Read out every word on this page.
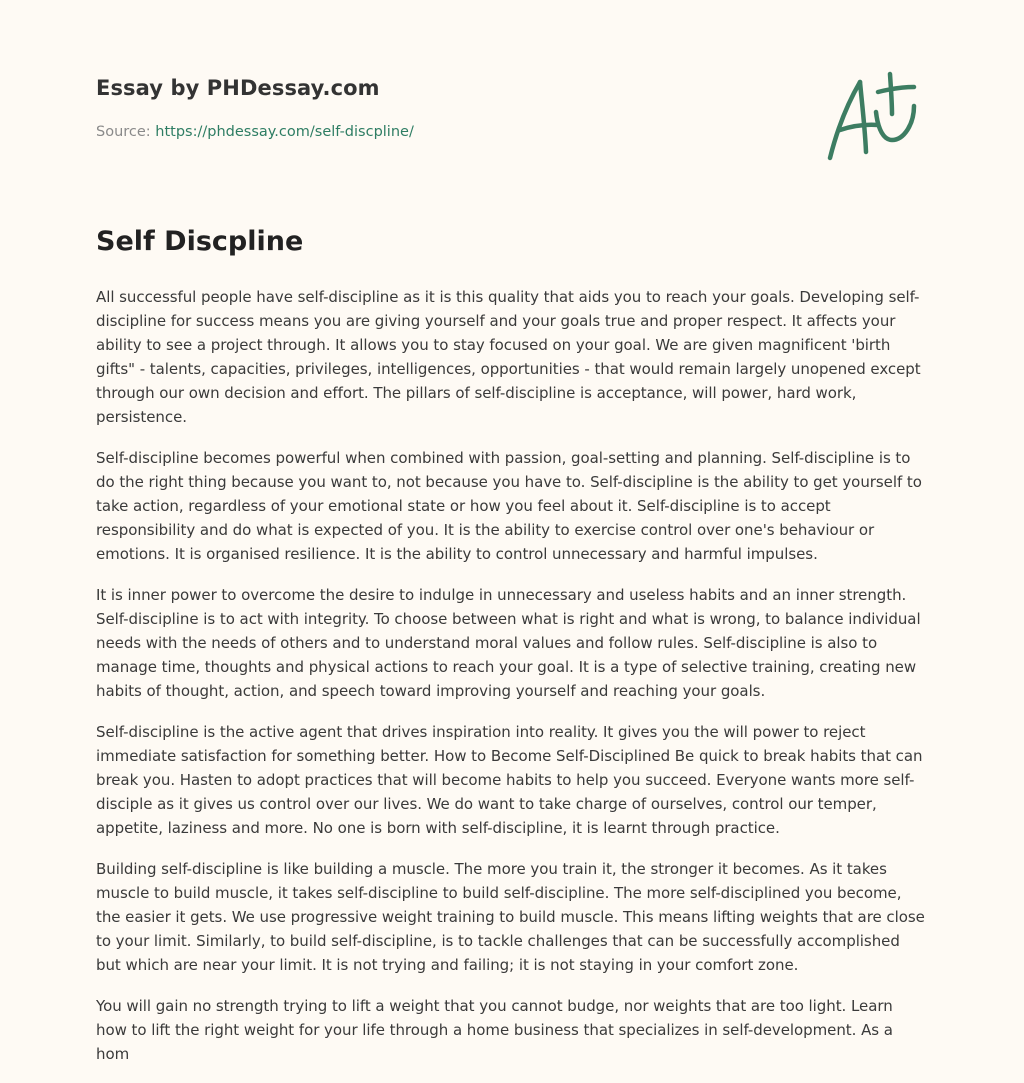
Essay by PHDessay.com

Source: https://phdessay.com/self-discpline/

Self Discpline

All successful people have self-discipline as it is this quality that aids you to reach your goals. Developing self-discipline for success means you are giving yourself and your goals true and proper respect. It affects your ability to see a project through. It allows you to stay focused on your goal. We are given magnificent 'birth gifts" - talents, capacities, privileges, intelligences, opportunities - that would remain largely unopened except through our own decision and effort. The pillars of self-discipline is acceptance, will power, hard work, persistence.

Self-discipline becomes powerful when combined with passion, goal-setting and planning. Self-discipline is to do the right thing because you want to, not because you have to. Self-discipline is the ability to get yourself to take action, regardless of your emotional state or how you feel about it. Self-discipline is to accept responsibility and do what is expected of you. It is the ability to exercise control over one's behaviour or emotions. It is organised resilience. It is the ability to control unnecessary and harmful impulses.

It is inner power to overcome the desire to indulge in unnecessary and useless habits and an inner strength. Self-discipline is to act with integrity. To choose between what is right and what is wrong, to balance individual needs with the needs of others and to understand moral values and follow rules. Self-discipline is also to manage time, thoughts and physical actions to reach your goal. It is a type of selective training, creating new habits of thought, action, and speech toward improving yourself and reaching your goals.

Self-discipline is the active agent that drives inspiration into reality. It gives you the will power to reject immediate satisfaction for something better. How to Become Self-Disciplined Be quick to break habits that can break you. Hasten to adopt practices that will become habits to help you succeed. Everyone wants more self-disciple as it gives us control over our lives. We do want to take charge of ourselves, control our temper, appetite, laziness and more. No one is born with self-discipline, it is learnt through practice.

Building self-discipline is like building a muscle. The more you train it, the stronger it becomes. As it takes muscle to build muscle, it takes self-discipline to build self-discipline. The more self-disciplined you become, the easier it gets. We use progressive weight training to build muscle. This means lifting weights that are close to your limit. Similarly, to build self-discipline, is to tackle challenges that can be successfully accomplished but which are near your limit. It is not trying and failing; it is not staying in your comfort zone.

You will gain no strength trying to lift a weight that you cannot budge, nor weights that are too light. Learn how to lift the right weight for your life through a home business that specializes in self-development. As a hom
